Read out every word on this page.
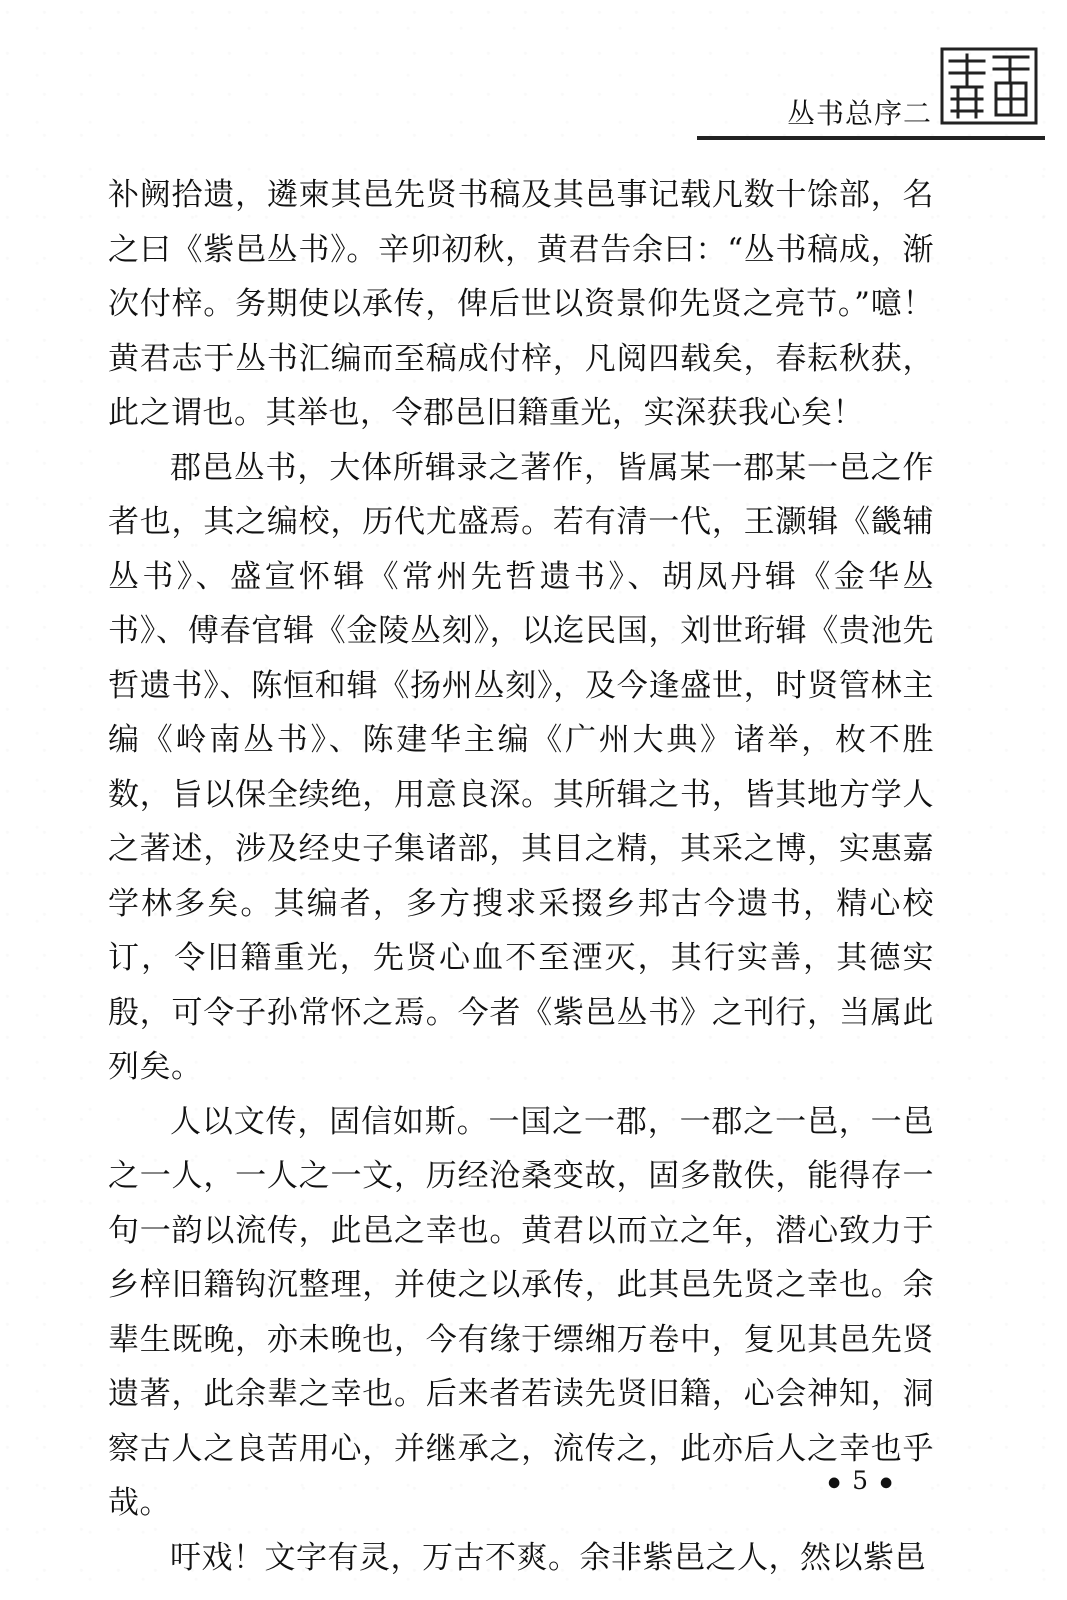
丛书总序二

补阙拾遗，遴柬其邑先贤书稿及其邑事记载凡数十馀部，名之曰《紫邑丛书》。辛卯初秋，黄君告余曰：“丛书稿成，渐次付梓。务期使以承传，俾后世以资景仰先贤之亮节。”噫！黄君志于丛书汇编而至稿成付梓，凡阅四载矣，春耘秋获，此之谓也。其举也，令郡邑旧籍重光，实深获我心矣！

郡邑丛书，大体所辑录之著作，皆属某一郡某一邑之作者也，其之编校，历代尤盛焉。若有清一代，王灏辑《畿辅丛书》、盛宣怀辑《常州先哲遗书》、胡凤丹辑《金华丛书》、傅春官辑《金陵丛刻》，以迄民国，刘世珩辑《贵池先哲遗书》、陈恒和辑《扬州丛刻》，及今逢盛世，时贤管林主编《岭南丛书》、陈建华主编《广州大典》诸举，枚不胜数，旨以保全续绝，用意良深。其所辑之书，皆其地方学人之著述，涉及经史子集诸部，其目之精，其采之博，实惠嘉学林多矣。其编者，多方搜求采掇乡邦古今遗书，精心校订，令旧籍重光，先贤心血不至湮灭，其行实善，其德实殷，可令子孙常怀之焉。今者《紫邑丛书》之刊行，当属此列矣。

人以文传，固信如斯。一国之一郡，一郡之一邑，一邑之一人，一人之一文，历经沧桑变故，固多散佚，能得存一句一韵以流传，此邑之幸也。黄君以而立之年，潜心致力于乡梓旧籍钩沉整理，并使之以承传，此其邑先贤之幸也。余辈生既晚，亦未晚也，今有缘于缥缃万卷中，复见其邑先贤遗著，此余辈之幸也。后来者若读先贤旧籍，心会神知，洞察古人之良苦用心，并继承之，流传之，此亦后人之幸也乎哉。

吁戏！文字有灵，万古不爽。余非紫邑之人，然以紫邑

● 5 ●
